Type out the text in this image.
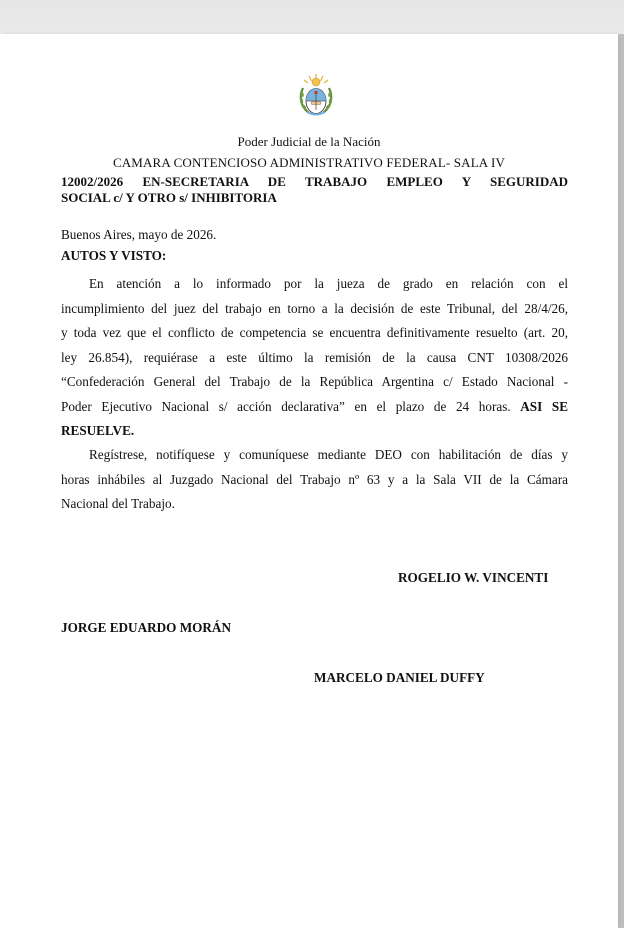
Poder Judicial de la Nación
CAMARA CONTENCIOSO ADMINISTRATIVO FEDERAL- SALA IV
12002/2026 EN-SECRETARIA DE TRABAJO EMPLEO Y SEGURIDAD
SOCIAL c/ Y OTRO s/ INHIBITORIA
Buenos Aires, mayo de 2026.
AUTOS Y VISTO:
En atención a lo informado por la jueza de grado en relación con el
incumplimiento del juez del trabajo en torno a la decisión de este Tribunal, del 28/4/26,
y toda vez que el conflicto de competencia se encuentra definitivamente resuelto (art. 20,
ley 26.854), requiérase a este último la remisión de la causa CNT 10308/2026
“Confederación General del Trabajo de la República Argentina c/ Estado Nacional -
Poder Ejecutivo Nacional s/ acción declarativa” en el plazo de 24 horas. ASI SE
RESUELVE.
Regístrese, notifíquese y comuníquese mediante DEO con habilitación de días y
horas inhábiles al Juzgado Nacional del Trabajo nº 63 y a la Sala VII de la Cámara
Nacional del Trabajo.
ROGELIO W. VINCENTI
JORGE EDUARDO MORÁN
MARCELO DANIEL DUFFY
